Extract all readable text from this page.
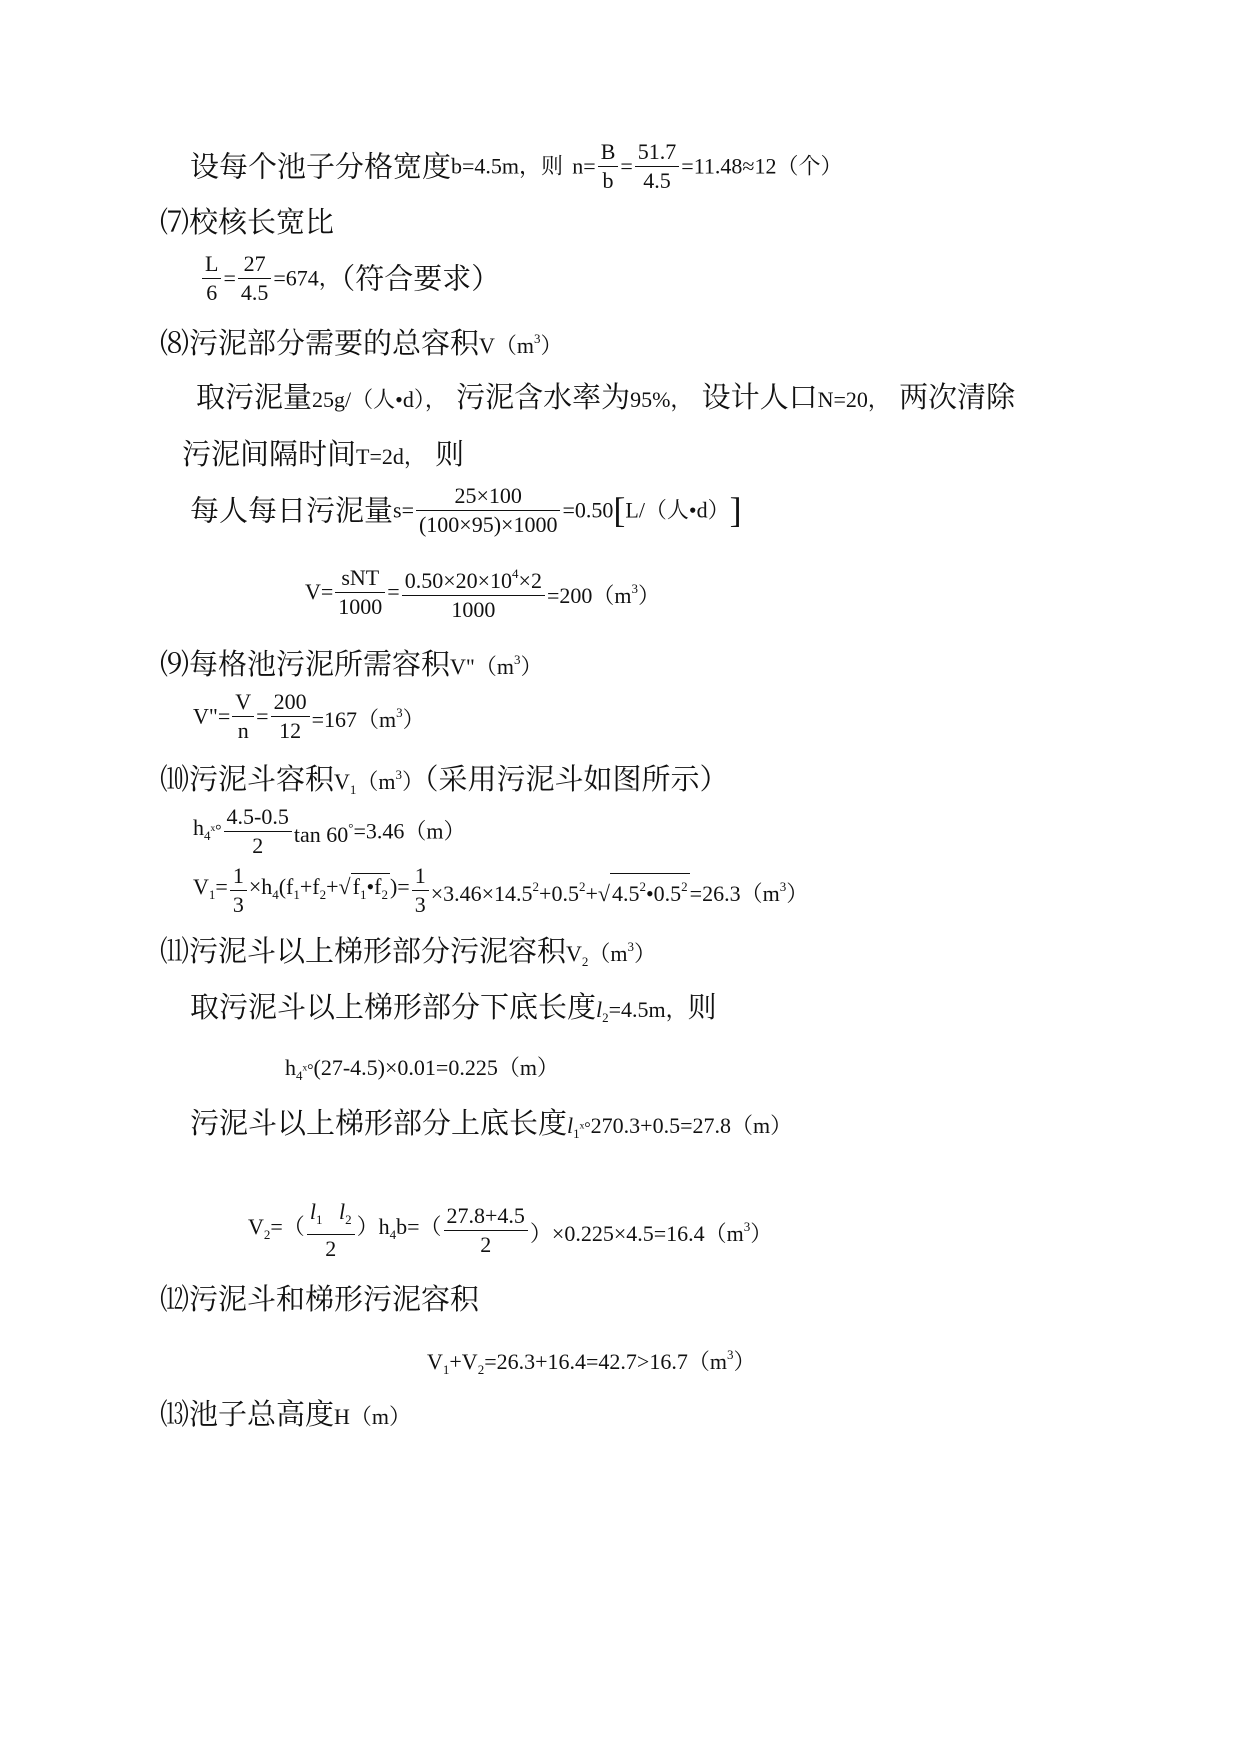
设每个池子分格宽度b=4.5m，则 $n= \frac{B}{b} = \frac{51.7}{4.5} =11.48\approx 12$（个）
⑺校核长宽比
$\frac{L}{6} = \frac{27}{4.5} =674$，（符合要求）
⑻污泥部分需要的总容积$V(m^3)$
取污泥量25g/（人•d）， 污泥含水率为95%， 设计人口N=20， 两次清除
污泥间隔时间T=2d， 则
每人每日污泥量$s= \frac{25\times 100}{(100\times 95)\times 1000} =0.50[L/$（人•d）]
$V= \frac{\text{sNT}}{1000} = \frac{0.50\times 20\times 10^4\times 2}{1000} =200(m^3)$
⑼每格池污泥所需容积$V"(m^3)$
V"= $\frac{V}{n} = \frac{200}{12} =167(m^3)$
⑽污泥斗容积$V_1(m^3)$（采用污泥斗如图所示）
$h_4ˣ^\circ \frac{4.5-0.5}{2}$ tan 60°=3.46（m）
$V_1= \frac{1}{3}$ $\times h_4(f_1+f_2+√f_1•f_2)= \frac{1}{3}$ $\times 3.46\times 14.5^2+0.5^2+√4.5^2•0.5^2=26.3(m^3)$
⑾污泥斗以上梯形部分污泥容积$V_2(m^3)$
取污泥斗以上梯形部分下底长度$l_2=4.5m$，则
$h_4ˣ^\circ(27-4.5)\times 0.01=0.225(m)$
污泥斗以上梯形部分上底长度$l_1ˣ^\circ 270.3+0.5=27.8(m)$
$V_2=( \frac{l_1 l_2}{2} )h_4b=( \frac{27.8+4.5}{2} )\times 0.225\times 4.5=16.4(m^3)$
⑿污泥斗和梯形污泥容积
$V_1+V_2=26.3+16.4=42.7>16.7(m^3)$
⒀池子总高度H（m）
